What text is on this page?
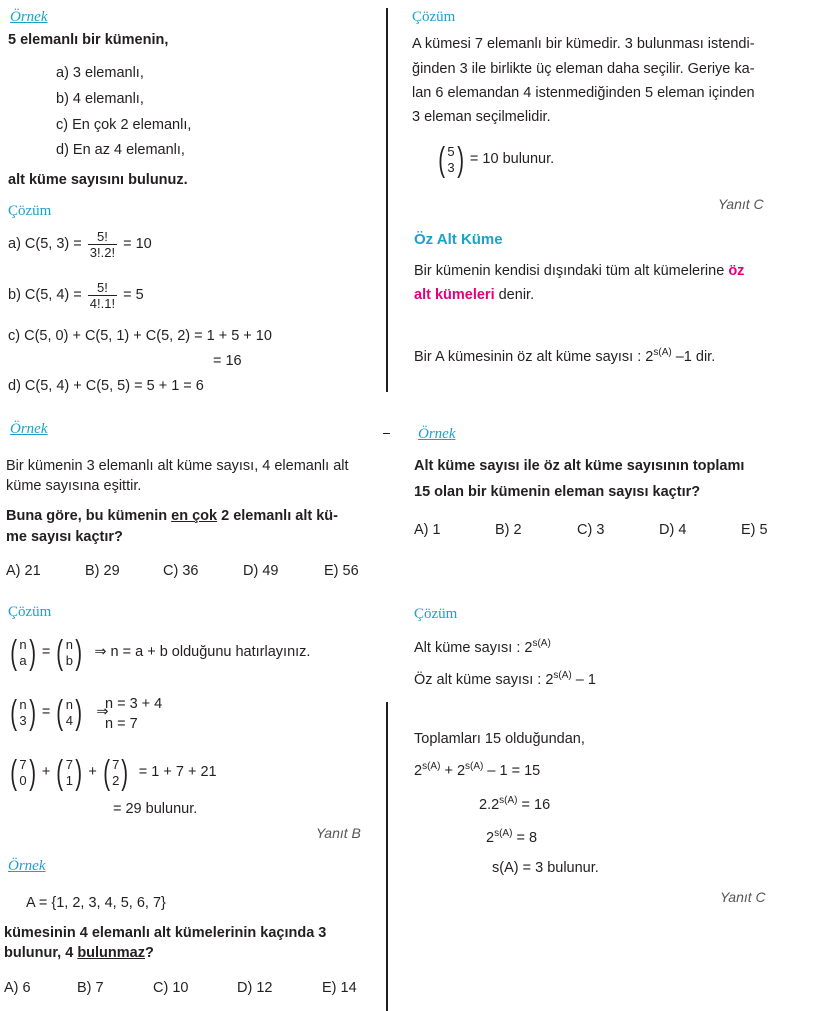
Örnek
5 elemanlı bir kümenin,
a) 3 elemanlı,
b) 4 elemanlı,
c) En çok 2 elemanlı,
d) En az 4 elemanlı,
alt küme sayısını bulunuz.
Çözüm
a) C(5, $3) = \frac{5!}{3!.2!} = 10$
b) C(5, $4) = \frac{5!}{4!.1!} = 5$
c) C(5, 0) + C(5, 1) + C(5, 2) = 1 + 5 + 10
= 16
d) C(5, 4) + C(5, 5) = 5 + 1 = 6
Örnek
Bir kümenin 3 elemanlı alt küme sayısı, 4 elemanlı alt
küme sayısına eşittir.
Buna göre, bu kümenin en çok 2 elemanlı alt kü-
me sayısı kaçtır?
A) 21	B) 29	C) 36	D) 49	E) 56
Çözüm
( n
a ) = ( n
b ) ⇒ n = a + b olduğunu hatırlayınız.
( n
3 ) = ( n
4 ) ⇒
n = 3 + 4
n = 7
( 7
0 ) + ( 7
1 ) + ( 7
2 ) = 1 + 7 + 21
= 29 bulunur.
Yanıt B
Örnek
A = {1, 2, 3, 4, 5, 6, 7}
kümesinin 4 elemanlı alt kümelerinin kaçında 3
bulunur, 4 bulunmaz?
A) 6	B) 7	C) 10	D) 12	E) 14
Çözüm
A kümesi 7 elemanlı bir kümedir. 3 bulunması istendi-
ğinden 3 ile birlikte üç eleman daha seçilir. Geriye ka-
lan 6 elemandan 4 istenmediğinden 5 eleman içinden
3 eleman seçilmelidir.
( 5
3 ) = 10 bulunur.
Yanıt C
Öz Alt Küme
Bir kümenin kendisi dışındaki tüm alt kümelerine öz
alt kümeleri denir.
Bir A kümesinin öz alt küme sayısı : $2^{s(A)}$ –1 dir.
Örnek
Alt küme sayısı ile öz alt küme sayısının toplamı
15 olan bir kümenin eleman sayısı kaçtır?
A) 1	B) 2	C) 3	D) 4	E) 5
Çözüm
Alt küme sayısı : $2^{s(A)}$
Öz alt küme sayısı : $2^{s(A)} - 1$
Toplamları 15 olduğundan,
$2^{s(A)} + 2^{s(A)} - 1 = 15$
$2.2^{s(A)} = 16$
$2^{s(A)} = 8$
s(A) = 3 bulunur.
Yanıt C
